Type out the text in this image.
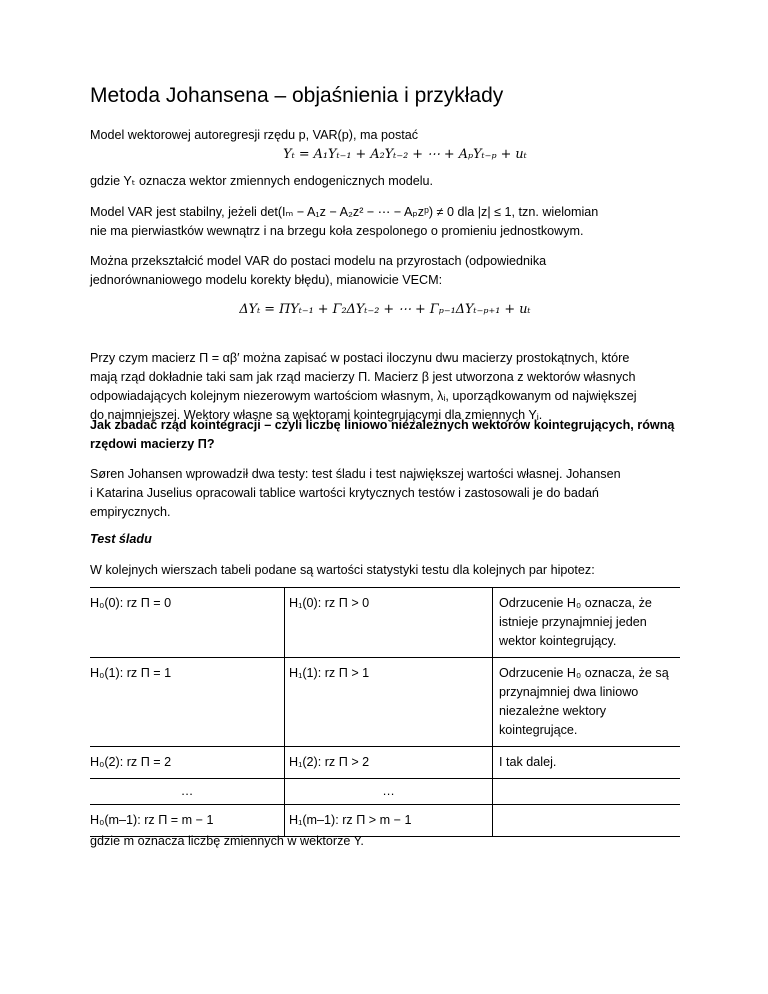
Metoda Johansena – objaśnienia i przykłady

Model wektorowej autoregresji rzędu p, VAR(p), ma postać

Yₜ = A₁Yₜ₋₁ + A₂Yₜ₋₂ + ⋯ + AₚYₜ₋ₚ + uₜ

gdzie Yₜ oznacza wektor zmiennych endogenicznych modelu.

Model VAR jest stabilny, jeżeli det(Iₘ − A₁z − A₂z² − ⋯ − Aₚzᵖ) ≠ 0 dla |z| ≤ 1, tzn. wielomian

nie ma pierwiastków wewnątrz i na brzegu koła zespolonego o promieniu jednostkowym.

Można przekształcić model VAR do postaci modelu na przyrostach (odpowiednika

jednorównaniowego modelu korekty błędu), mianowicie VECM:

ΔYₜ = ΠYₜ₋₁ + Γ₂ΔYₜ₋₂ + ⋯ + Γₚ₋₁ΔYₜ₋ₚ₊₁ + uₜ

Przy czym macierz Π = αβ′ można zapisać w postaci iloczynu dwu macierzy prostokątnych, które

mają rząd dokładnie taki sam jak rząd macierzy Π. Macierz β jest utworzona z wektorów własnych

odpowiadających kolejnym niezerowym wartościom własnym, λᵢ, uporządkowanym od największej

do najmniejszej. Wektory własne są wektorami kointegrującymi dla zmiennych Yᵢ.

Jak zbadać rząd kointegracji – czyli liczbę liniowo niezależnych wektorów kointegrujących, równą

rzędowi macierzy Π?

Søren Johansen wprowadził dwa testy: test śladu i test największej wartości własnej. Johansen

i Katarina Juselius opracowali tablice wartości krytycznych testów i zastosowali je do badań

empirycznych.

Test śladu

W kolejnych wierszach tabeli podane są wartości statystyki testu dla kolejnych par hipotez:

H₀(0): rz Π = 0	H₁(0): rz Π > 0	Odrzucenie H₀ oznacza, że istnieje przynajmniej jeden wektor kointegrujący.
H₀(1): rz Π = 1	H₁(1): rz Π > 1	Odrzucenie H₀ oznacza, że są przynajmniej dwa liniowo niezależne wektory kointegrujące.
H₀(2): rz Π = 2	H₁(2): rz Π > 2	I tak dalej.
…	…	
H₀(m–1): rz Π = m − 1	H₁(m–1): rz Π > m − 1	

gdzie m oznacza liczbę zmiennych w wektorze Y.
